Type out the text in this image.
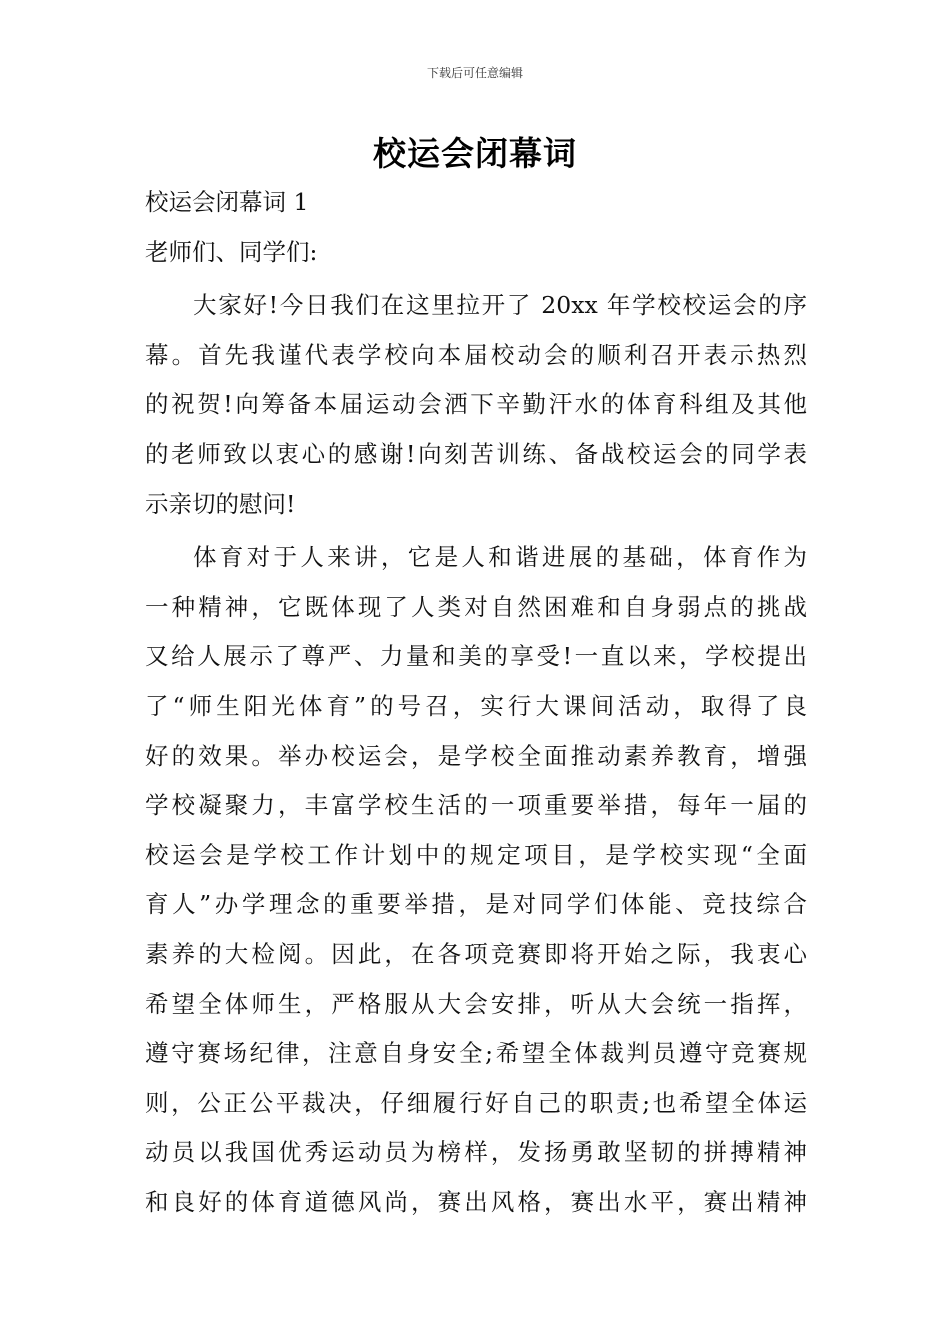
下载后可任意编辑
校运会闭幕词
校运会闭幕词 1
老师们、同学们:
大家好!今日我们在这里拉开了 20xx 年学校校运会的序
幕。首先我谨代表学校向本届校动会的顺利召开表示热烈
的祝贺!向筹备本届运动会洒下辛勤汗水的体育科组及其他
的老师致以衷心的感谢!向刻苦训练、备战校运会的同学表
示亲切的慰问!
体育对于人来讲，它是人和谐进展的基础，体育作为
一种精神，它既体现了人类对自然困难和自身弱点的挑战
又给人展示了尊严、力量和美的享受!一直以来，学校提出
了“师生阳光体育”的号召，实行大课间活动，取得了良
好的效果。举办校运会，是学校全面推动素养教育，增强
学校凝聚力，丰富学校生活的一项重要举措，每年一届的
校运会是学校工作计划中的规定项目，是学校实现“全面
育人”办学理念的重要举措，是对同学们体能、竞技综合
素养的大检阅。因此，在各项竞赛即将开始之际，我衷心
希望全体师生，严格服从大会安排，听从大会统一指挥，
遵守赛场纪律，注意自身安全;希望全体裁判员遵守竞赛规
则，公正公平裁决，仔细履行好自己的职责;也希望全体运
动员以我国优秀运动员为榜样，发扬勇敢坚韧的拼搏精神
和良好的体育道德风尚，赛出风格，赛出水平，赛出精神
